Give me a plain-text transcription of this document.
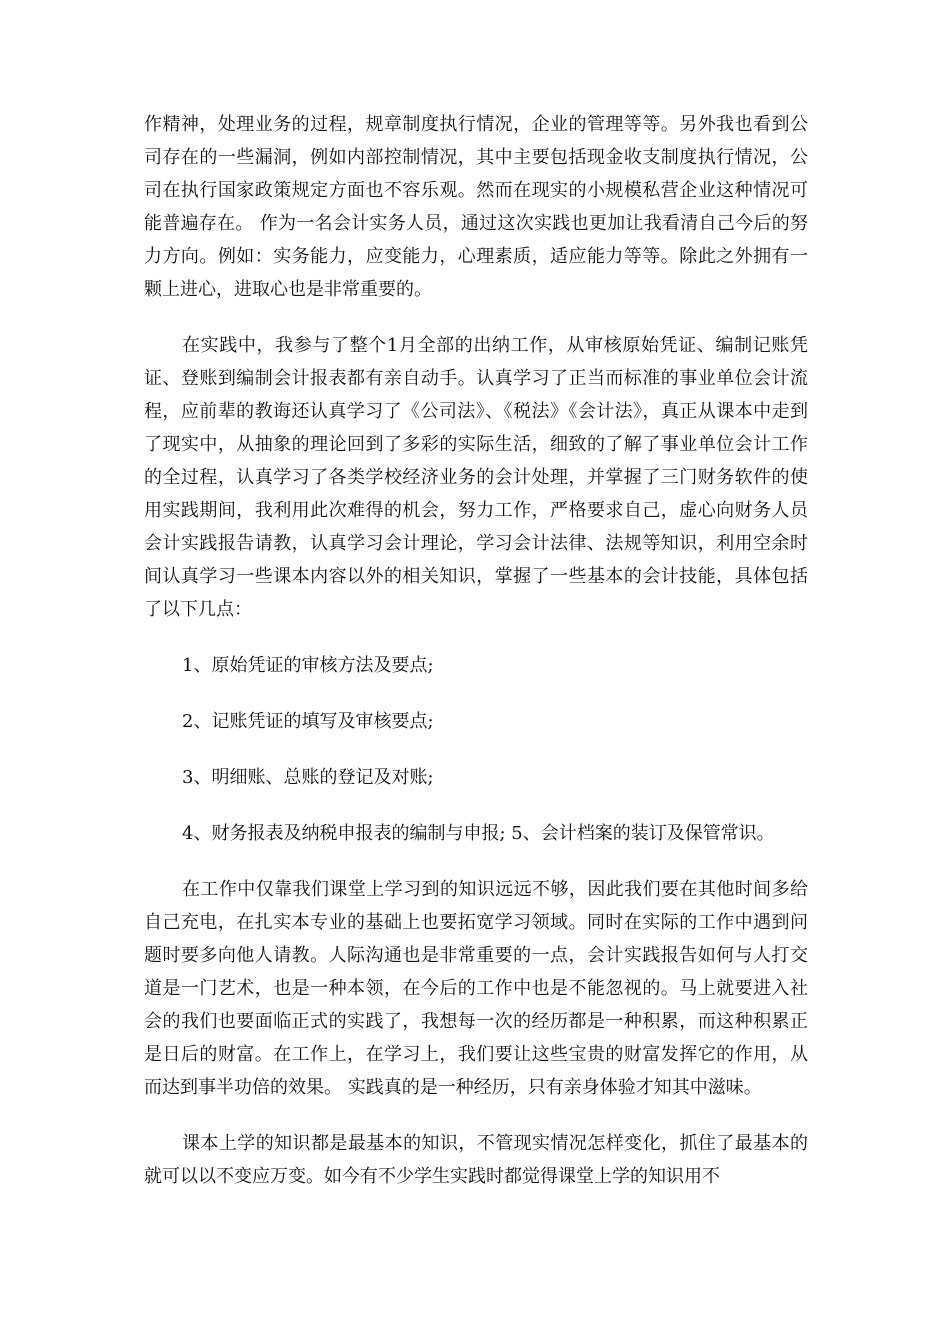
作精神，处理业务的过程，规章制度执行情况，企业的管理等等。另外我也看到公司存在的一些漏洞，例如内部控制情况，其中主要包括现金收支制度执行情况，公司在执行国家政策规定方面也不容乐观。然而在现实的小规模私营企业这种情况可能普遍存在。 作为一名会计实务人员，通过这次实践也更加让我看清自己今后的努力方向。例如：实务能力，应变能力，心理素质，适应能力等等。除此之外拥有一颗上进心，进取心也是非常重要的。

在实践中，我参与了整个1月全部的出纳工作，从审核原始凭证、编制记账凭证、登账到编制会计报表都有亲自动手。认真学习了正当而标准的事业单位会计流程，应前辈的教诲还认真学习了《公司法》、《税法》《会计法》，真正从课本中走到了现实中，从抽象的理论回到了多彩的实际生活，细致的了解了事业单位会计工作的全过程，认真学习了各类学校经济业务的会计处理，并掌握了三门财务软件的使用实践期间，我利用此次难得的机会，努力工作，严格要求自己，虚心向财务人员会计实践报告请教，认真学习会计理论，学习会计法律、法规等知识，利用空余时间认真学习一些课本内容以外的相关知识，掌握了一些基本的会计技能，具体包括了以下几点：

1、原始凭证的审核方法及要点;
2、记账凭证的填写及审核要点;
3、明细账、总账的登记及对账;
4、财务报表及纳税申报表的编制与申报; 5、会计档案的装订及保管常识。

在工作中仅靠我们课堂上学习到的知识远远不够，因此我们要在其他时间多给自己充电，在扎实本专业的基础上也要拓宽学习领域。同时在实际的工作中遇到问题时要多向他人请教。人际沟通也是非常重要的一点，会计实践报告如何与人打交道是一门艺术，也是一种本领，在今后的工作中也是不能忽视的。马上就要进入社会的我们也要面临正式的实践了，我想每一次的经历都是一种积累，而这种积累正是日后的财富。在工作上，在学习上，我们要让这些宝贵的财富发挥它的作用，从而达到事半功倍的效果。 实践真的是一种经历，只有亲身体验才知其中滋味。

课本上学的知识都是最基本的知识，不管现实情况怎样变化，抓住了最基本的就可以以不变应万变。如今有不少学生实践时都觉得课堂上学的知识用不
